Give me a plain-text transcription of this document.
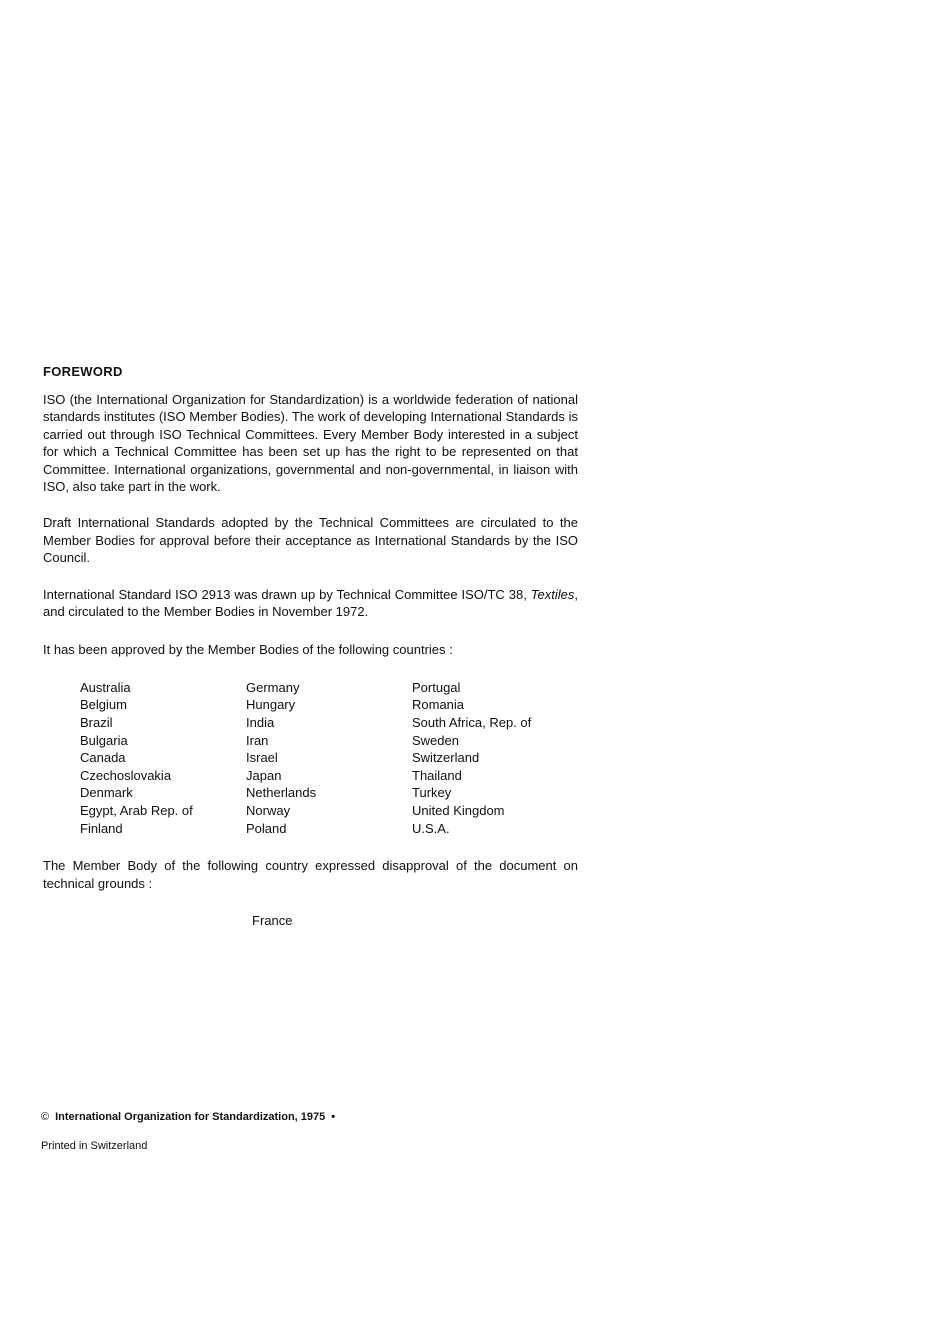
FOREWORD

ISO (the International Organization for Standardization) is a worldwide federation of national standards institutes (ISO Member Bodies). The work of developing International Standards is carried out through ISO Technical Committees. Every Member Body interested in a subject for which a Technical Committee has been set up has the right to be represented on that Committee. International organizations, governmental and non-governmental, in liaison with ISO, also take part in the work.

Draft International Standards adopted by the Technical Committees are circulated to the Member Bodies for approval before their acceptance as International Standards by the ISO Council.

International Standard ISO 2913 was drawn up by Technical Committee ISO/TC 38, Textiles, and circulated to the Member Bodies in November 1972.

It has been approved by the Member Bodies of the following countries :

Australia
Belgium
Brazil
Bulgaria
Canada
Czechoslovakia
Denmark
Egypt, Arab Rep. of
Finland
Germany
Hungary
India
Iran
Israel
Japan
Netherlands
Norway
Poland
Portugal
Romania
South Africa, Rep. of
Sweden
Switzerland
Thailand
Turkey
United Kingdom
U.S.A.

The Member Body of the following country expressed disapproval of the document on technical grounds :

France
© International Organization for Standardization, 1975 •
Printed in Switzerland
